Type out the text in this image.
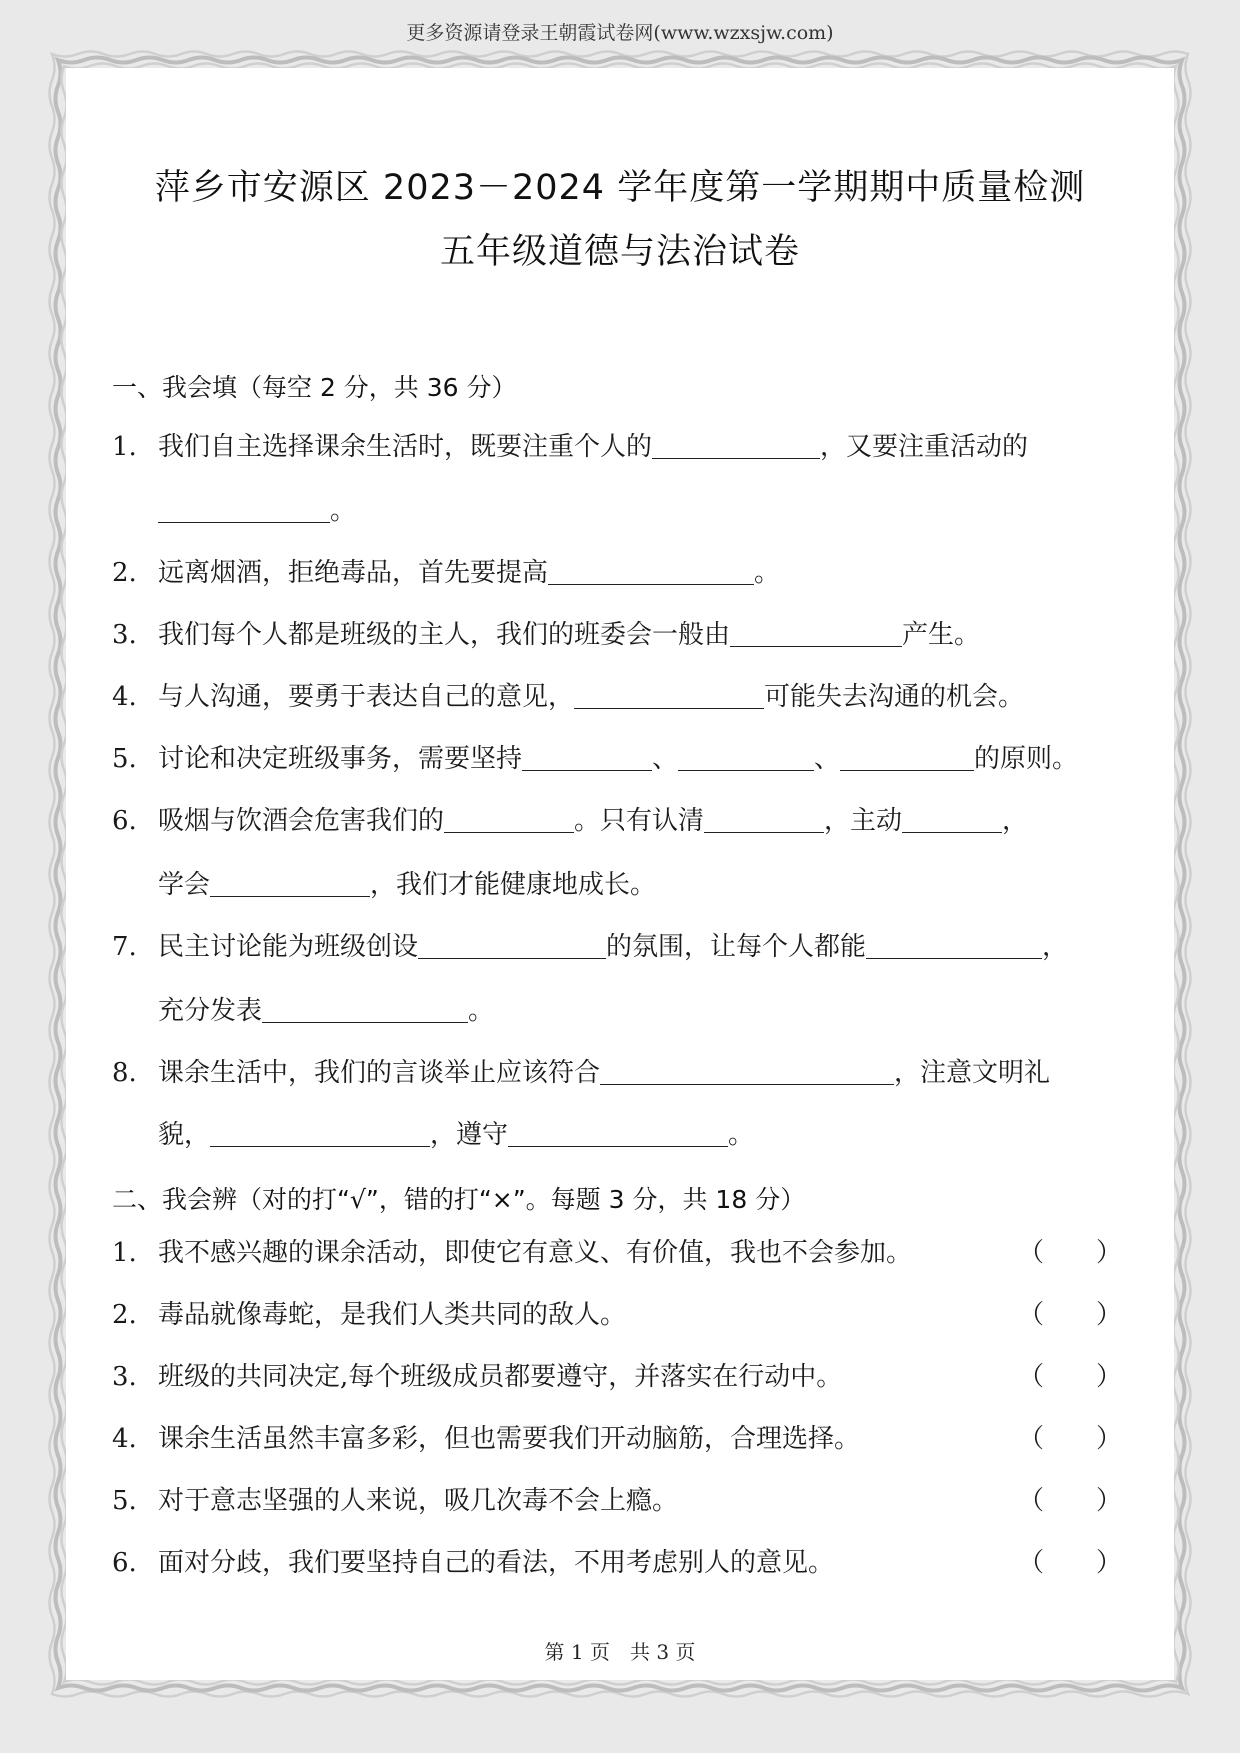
更多资源请登录王朝霞试卷网(www.wzxsjw.com)
萍乡市安源区 2023－2024 学年度第一学期期中质量检测
五年级道德与法治试卷
一、我会填（每空 2 分，共 36 分）
1. 我们自主选择课余生活时，既要注重个人的	，又要注重活动的
。
2. 远离烟酒，拒绝毒品，首先要提高	。
3. 我们每个人都是班级的主人，我们的班委会一般由	产生。
4. 与人沟通，要勇于表达自己的意见，	可能失去沟通的机会。
5. 讨论和决定班级事务，需要坚持	、	、	的原则。
6. 吸烟与饮酒会危害我们的	。只有认清	，主动	，
学会	，我们才能健康地成长。
7. 民主讨论能为班级创设	的氛围，让每个人都能	，
充分发表	。
8. 课余生活中，我们的言谈举止应该符合	，注意文明礼
貌，	，遵守	。
二、我会辨（对的打“√”，错的打“×”。每题 3 分，共 18 分）
1. 我不感兴趣的课余活动，即使它有意义、有价值，我也不会参加。	（ ）
2. 毒品就像毒蛇，是我们人类共同的敌人。	（ ）
3. 班级的共同决定,每个班级成员都要遵守，并落实在行动中。	（ ）
4. 课余生活虽然丰富多彩，但也需要我们开动脑筋，合理选择。	（ ）
5. 对于意志坚强的人来说，吸几次毒不会上瘾。	（ ）
6. 面对分歧，我们要坚持自己的看法，不用考虑别人的意见。	（ ）
第 1 页　共 3 页
